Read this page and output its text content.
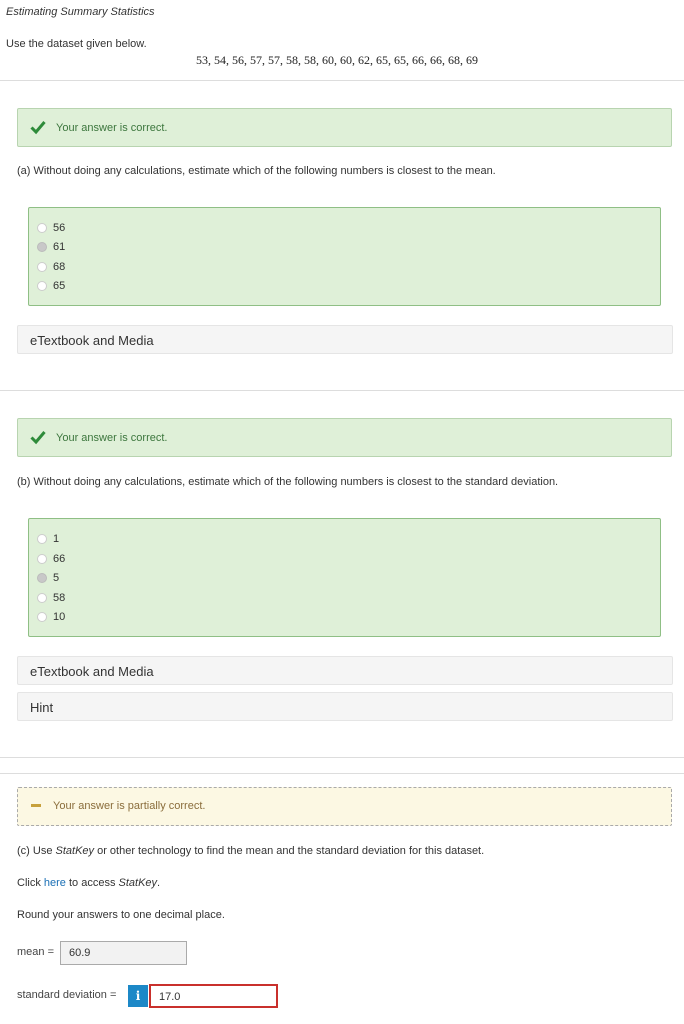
Estimating Summary Statistics
Use the dataset given below.
53, 54, 56, 57, 57, 58, 58, 60, 60, 62, 65, 65, 66, 66, 68, 69
Your answer is correct.
(a) Without doing any calculations, estimate which of the following numbers is closest to the mean.
56
61
68
65
eTextbook and Media
Your answer is correct.
(b) Without doing any calculations, estimate which of the following numbers is closest to the standard deviation.
1
66
5
58
10
eTextbook and Media
Hint
Your answer is partially correct.
(c) Use StatKey or other technology to find the mean and the standard deviation for this dataset.
Click here to access StatKey.
Round your answers to one decimal place.
mean = 60.9
standard deviation =	i	17.0
